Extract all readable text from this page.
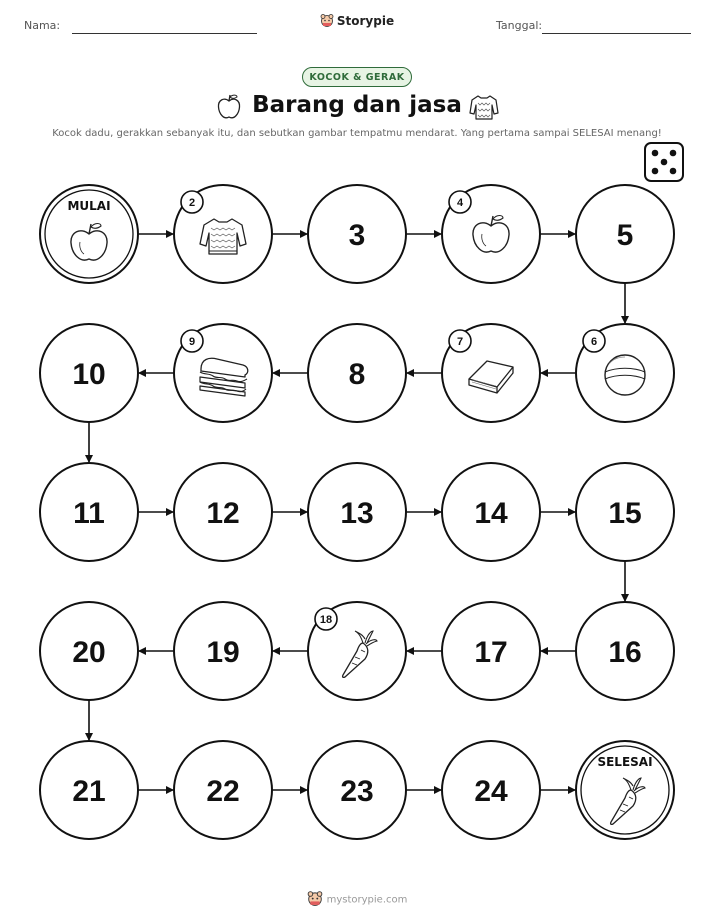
Nama:	Storypie	Tanggal:
KOCOK & GERAK
Barang dan jasa
Kocok dadu, gerakkan sebanyak itu, dan sebutkan gambar tempatmu mendarat. Yang pertama sampai SELESAI menang!
MULAI	2
3
4
5
6
7
8
9
10
11	12	13	14	15
16
17
18
19
20
21	22	23	24
SELESAI
mystorypie.com
